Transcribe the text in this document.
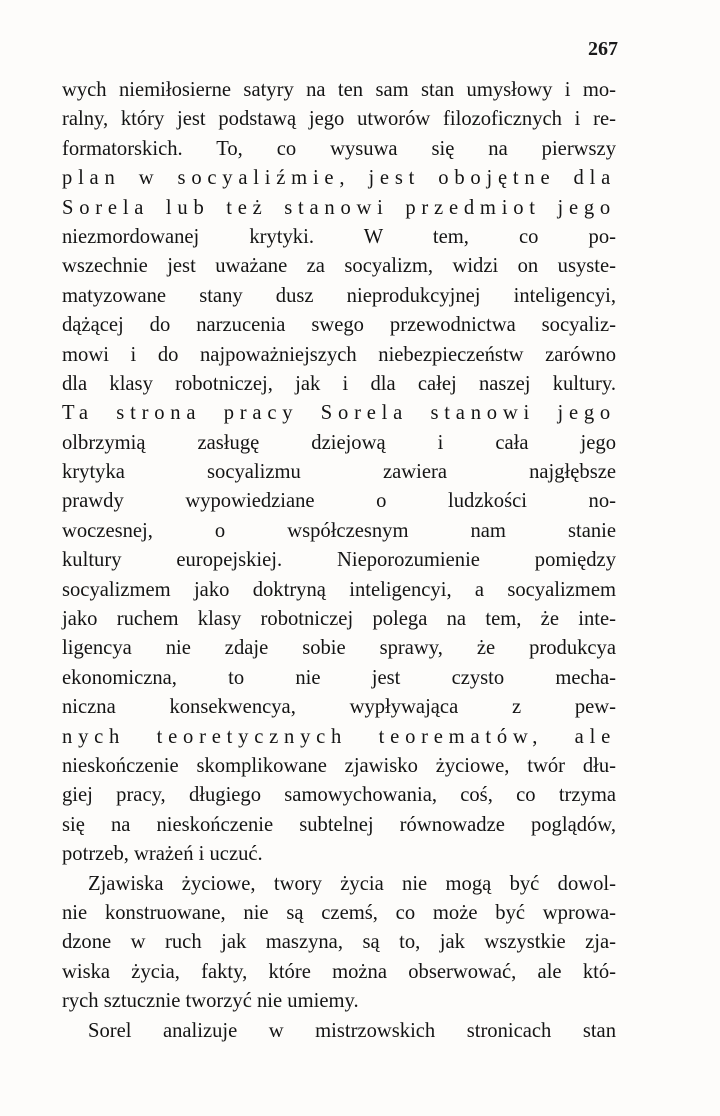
267
wych niemiłosierne satyry na ten sam stan umysłowy i mo-
ralny, który jest podstawą jego utworów filozoficznych i re-
formatorskich. To, co wysuwa się na pierwszy
plan w socyaliźmie, jest obojętne dla
Sorela lub też stanowi przedmiot jego
niezmordowanej krytyki. W tem, co po-
wszechnie jest uważane za socyalizm, widzi on usyste-
matyzowane stany dusz nieprodukcyjnej inteligencyi,
dążącej do narzucenia swego przewodnictwa socyaliz-
mowi i do najpoważniejszych niebezpieczeństw zarówno
dla klasy robotniczej, jak i dla całej naszej kultury.
Ta strona pracy Sorela stanowi jego
olbrzymią zasługę dziejową i cała jego
krytyka socyalizmu zawiera najgłębsze
prawdy wypowiedziane o ludzkości no-
woczesnej, o współczesnym nam stanie
kultury europejskiej. Nieporozumienie pomiędzy
socyalizmem jako doktryną inteligencyi, a socyalizmem
jako ruchem klasy robotniczej polega na tem, że inte-
ligencya nie zdaje sobie sprawy, że produkcya
ekonomiczna, to nie jest czysto mecha-
niczna konsekwencya, wypływająca z pew-
nych teoretycznych teorematów, ale
nieskończenie skomplikowane zjawisko życiowe, twór dłu-
giej pracy, długiego samowychowania, coś, co trzyma
się na nieskończenie subtelnej równowadze poglądów,
potrzeb, wrażeń i uczuć.
Zjawiska życiowe, twory życia nie mogą być dowol-
nie konstruowane, nie są czemś, co może być wprowa-
dzone w ruch jak maszyna, są to, jak wszystkie zja-
wiska życia, fakty, które można obserwować, ale któ-
rych sztucznie tworzyć nie umiemy.
Sorel analizuje w mistrzowskich stronicach stan
